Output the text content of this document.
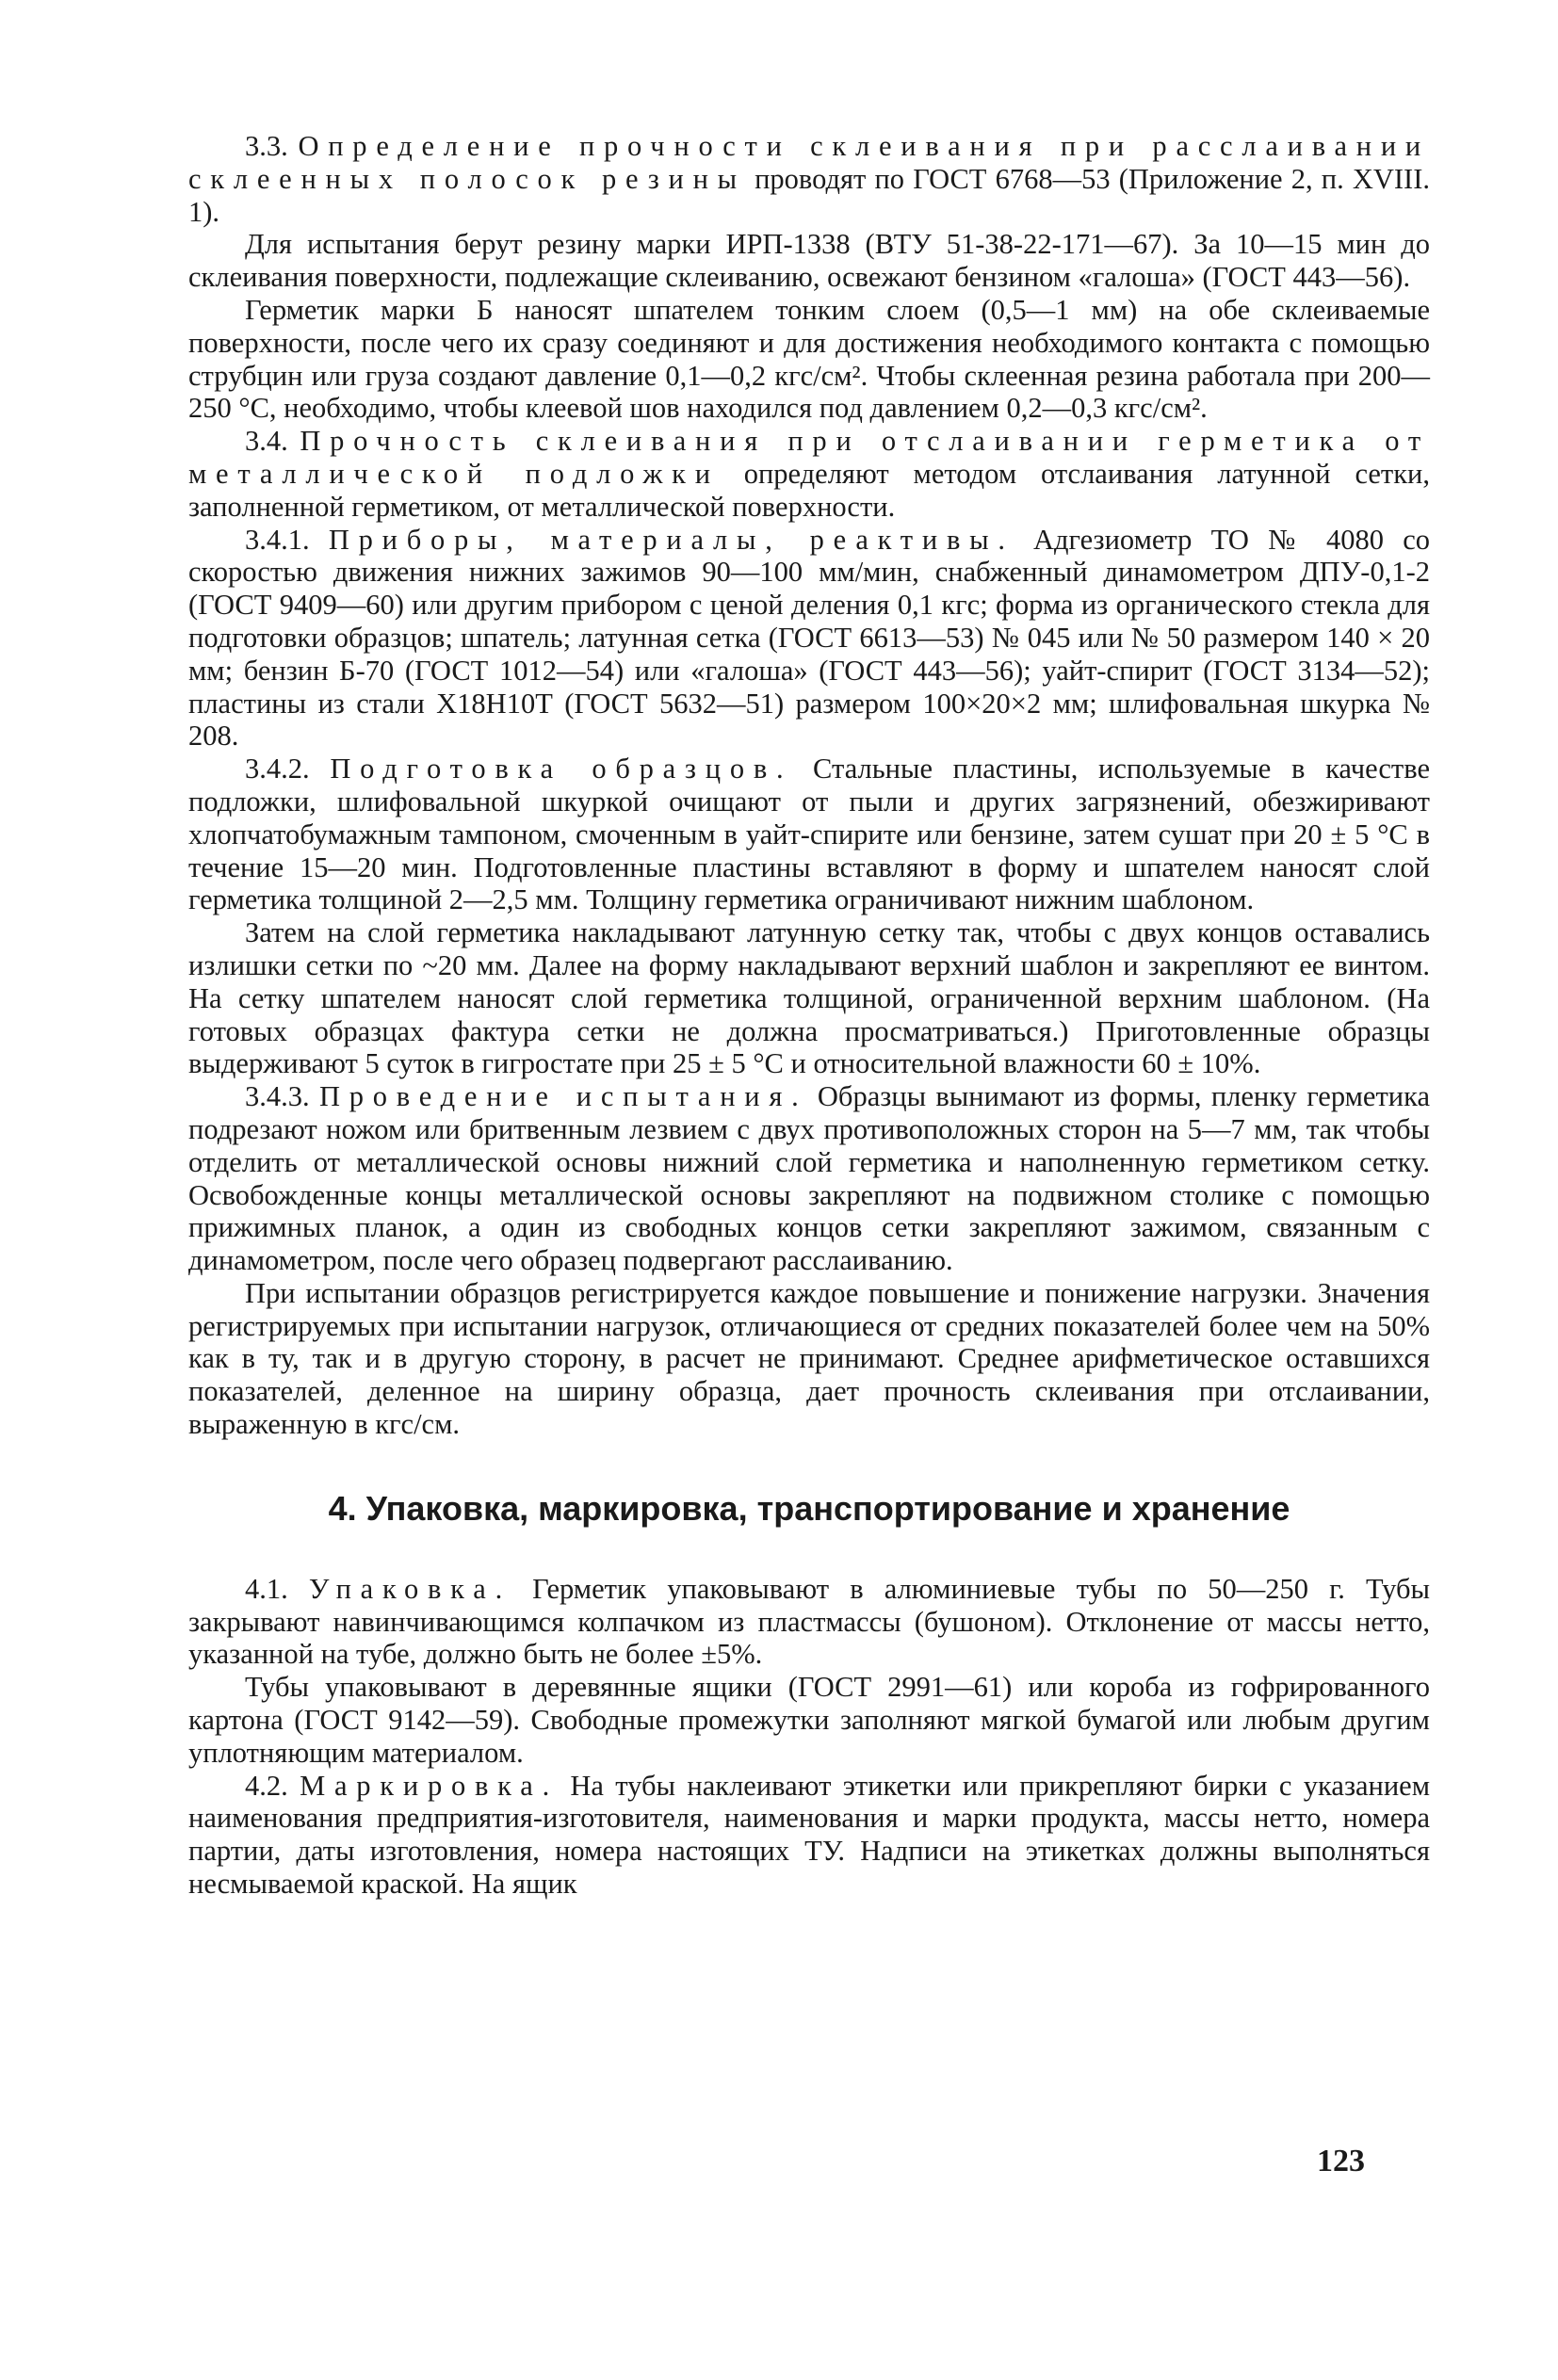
3.3. Определение прочности склеивания при расслаивании склеенных полосок резины проводят по ГОСТ 6768—53 (Приложение 2, п. XVIII. 1).

Для испытания берут резину марки ИРП-1338 (ВТУ 51-38-22-171—67). За 10—15 мин до склеивания поверхности, подлежащие склеиванию, освежают бензином «галоша» (ГОСТ 443—56).

Герметик марки Б наносят шпателем тонким слоем (0,5—1 мм) на обе склеиваемые поверхности, после чего их сразу соединяют и для достижения необходимого контакта с помощью струбцин или груза создают давление 0,1—0,2 кгс/см². Чтобы склеенная резина работала при 200—250 °С, необходимо, чтобы клеевой шов находился под давлением 0,2—0,3 кгс/см².

3.4. Прочность склеивания при отслаивании герметика от металлической подложки определяют методом отслаивания латунной сетки, заполненной герметиком, от металлической поверхности.

3.4.1. Приборы, материалы, реактивы. Адгезиометр ТО № 4080 со скоростью движения нижних зажимов 90—100 мм/мин, снабженный динамометром ДПУ-0,1-2 (ГОСТ 9409—60) или другим прибором с ценой деления 0,1 кгс; форма из органического стекла для подготовки образцов; шпатель; латунная сетка (ГОСТ 6613—53) № 045 или № 50 размером 140 × 20 мм; бензин Б-70 (ГОСТ 1012—54) или «галоша» (ГОСТ 443—56); уайт-спирит (ГОСТ 3134—52); пластины из стали Х18Н10Т (ГОСТ 5632—51) размером 100×20×2 мм; шлифовальная шкурка № 208.

3.4.2. Подготовка образцов. Стальные пластины, используемые в качестве подложки, шлифовальной шкуркой очищают от пыли и других загрязнений, обезжиривают хлопчатобумажным тампоном, смоченным в уайт-спирите или бензине, затем сушат при 20 ± 5 °С в течение 15—20 мин. Подготовленные пластины вставляют в форму и шпателем наносят слой герметика толщиной 2—2,5 мм. Толщину герметика ограничивают нижним шаблоном.

Затем на слой герметика накладывают латунную сетку так, чтобы с двух концов оставались излишки сетки по ~20 мм. Далее на форму накладывают верхний шаблон и закрепляют ее винтом. На сетку шпателем наносят слой герметика толщиной, ограниченной верхним шаблоном. (На готовых образцах фактура сетки не должна просматриваться.) Приготовленные образцы выдерживают 5 суток в гигростате при 25 ± 5 °С и относительной влажности 60 ± 10%.

3.4.3. Проведение испытания. Образцы вынимают из формы, пленку герметика подрезают ножом или бритвенным лезвием с двух противоположных сторон на 5—7 мм, так чтобы отделить от металлической основы нижний слой герметика и наполненную герметиком сетку. Освобожденные концы металлической основы закрепляют на подвижном столике с помощью прижимных планок, а один из свободных концов сетки закрепляют зажимом, связанным с динамометром, после чего образец подвергают расслаиванию.

При испытании образцов регистрируется каждое повышение и понижение нагрузки. Значения регистрируемых при испытании нагрузок, отличающиеся от средних показателей более чем на 50% как в ту, так и в другую сторону, в расчет не принимают. Среднее арифметическое оставшихся показателей, деленное на ширину образца, дает прочность склеивания при отслаивании, выраженную в кгс/см.

4. Упаковка, маркировка, транспортирование и хранение

4.1. Упаковка. Герметик упаковывают в алюминиевые тубы по 50—250 г. Тубы закрывают навинчивающимся колпачком из пластмассы (бушоном). Отклонение от массы нетто, указанной на тубе, должно быть не более ±5%.

Тубы упаковывают в деревянные ящики (ГОСТ 2991—61) или короба из гофрированного картона (ГОСТ 9142—59). Свободные промежутки заполняют мягкой бумагой или любым другим уплотняющим материалом.

4.2. Маркировка. На тубы наклеивают этикетки или прикрепляют бирки с указанием наименования предприятия-изготовителя, наименования и марки продукта, массы нетто, номера партии, даты изготовления, номера настоящих ТУ. Надписи на этикетках должны выполняться несмываемой краской. На ящик

123
